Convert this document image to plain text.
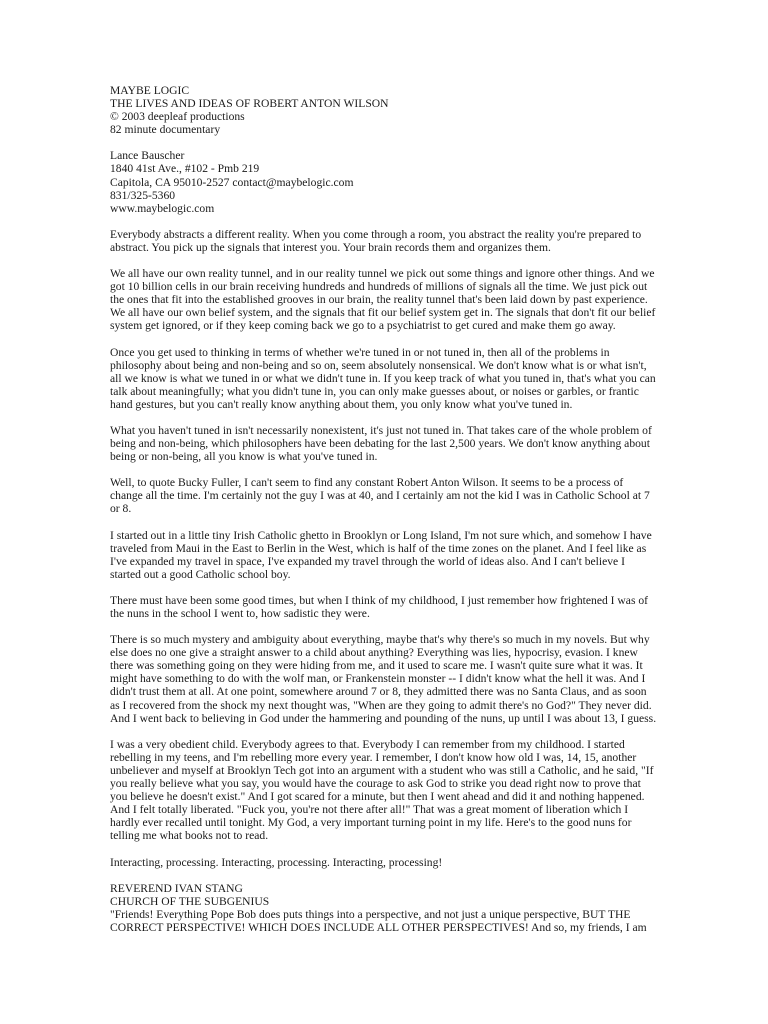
MAYBE LOGIC
THE LIVES AND IDEAS OF ROBERT ANTON WILSON
© 2003 deepleaf productions
82 minute documentary
Lance Bauscher
1840 41st Ave., #102 - Pmb 219
Capitola, CA 95010-2527 contact@maybelogic.com
831/325-5360
www.maybelogic.com

Everybody abstracts a different reality. When you come through a room, you abstract the reality you're prepared to abstract. You pick up the signals that interest you. Your brain records them and organizes them.

We all have our own reality tunnel, and in our reality tunnel we pick out some things and ignore other things. And we got 10 billion cells in our brain receiving hundreds and hundreds of millions of signals all the time. We just pick out the ones that fit into the established grooves in our brain, the reality tunnel that's been laid down by past experience. We all have our own belief system, and the signals that fit our belief system get in. The signals that don't fit our belief system get ignored, or if they keep coming back we go to a psychiatrist to get cured and make them go away.

Once you get used to thinking in terms of whether we're tuned in or not tuned in, then all of the problems in philosophy about being and non-being and so on, seem absolutely nonsensical. We don't know what is or what isn't, all we know is what we tuned in or what we didn't tune in. If you keep track of what you tuned in, that's what you can talk about meaningfully; what you didn't tune in, you can only make guesses about, or noises or garbles, or frantic hand gestures, but you can't really know anything about them, you only know what you've tuned in.

What you haven't tuned in isn't necessarily nonexistent, it's just not tuned in. That takes care of the whole problem of being and non-being, which philosophers have been debating for the last 2,500 years. We don't know anything about being or non-being, all you know is what you've tuned in.

Well, to quote Bucky Fuller, I can't seem to find any constant Robert Anton Wilson. It seems to be a process of change all the time. I'm certainly not the guy I was at 40, and I certainly am not the kid I was in Catholic School at 7 or 8.

I started out in a little tiny Irish Catholic ghetto in Brooklyn or Long Island, I'm not sure which, and somehow I have traveled from Maui in the East to Berlin in the West, which is half of the time zones on the planet. And I feel like as I've expanded my travel in space, I've expanded my travel through the world of ideas also. And I can't believe I started out a good Catholic school boy.

There must have been some good times, but when I think of my childhood, I just remember how frightened I was of the nuns in the school I went to, how sadistic they were.

There is so much mystery and ambiguity about everything, maybe that's why there's so much in my novels. But why else does no one give a straight answer to a child about anything? Everything was lies, hypocrisy, evasion. I knew there was something going on they were hiding from me, and it used to scare me. I wasn't quite sure what it was. It might have something to do with the wolf man, or Frankenstein monster -- I didn't know what the hell it was. And I didn't trust them at all. At one point, somewhere around 7 or 8, they admitted there was no Santa Claus, and as soon as I recovered from the shock my next thought was, "When are they going to admit there's no God?" They never did. And I went back to believing in God under the hammering and pounding of the nuns, up until I was about 13, I guess.

I was a very obedient child. Everybody agrees to that. Everybody I can remember from my childhood. I started rebelling in my teens, and I'm rebelling more every year. I remember, I don't know how old I was, 14, 15, another unbeliever and myself at Brooklyn Tech got into an argument with a student who was still a Catholic, and he said, "If you really believe what you say, you would have the courage to ask God to strike you dead right now to prove that you believe he doesn't exist." And I got scared for a minute, but then I went ahead and did it and nothing happened. And I felt totally liberated. "Fuck you, you're not there after all!" That was a great moment of liberation which I hardly ever recalled until tonight. My God, a very important turning point in my life. Here's to the good nuns for telling me what books not to read.

Interacting, processing. Interacting, processing. Interacting, processing!

REVEREND IVAN STANG
CHURCH OF THE SUBGENIUS

"Friends! Everything Pope Bob does puts things into a perspective, and not just a unique perspective, BUT THE CORRECT PERSPECTIVE! WHICH DOES INCLUDE ALL OTHER PERSPECTIVES! And so, my friends, I am
